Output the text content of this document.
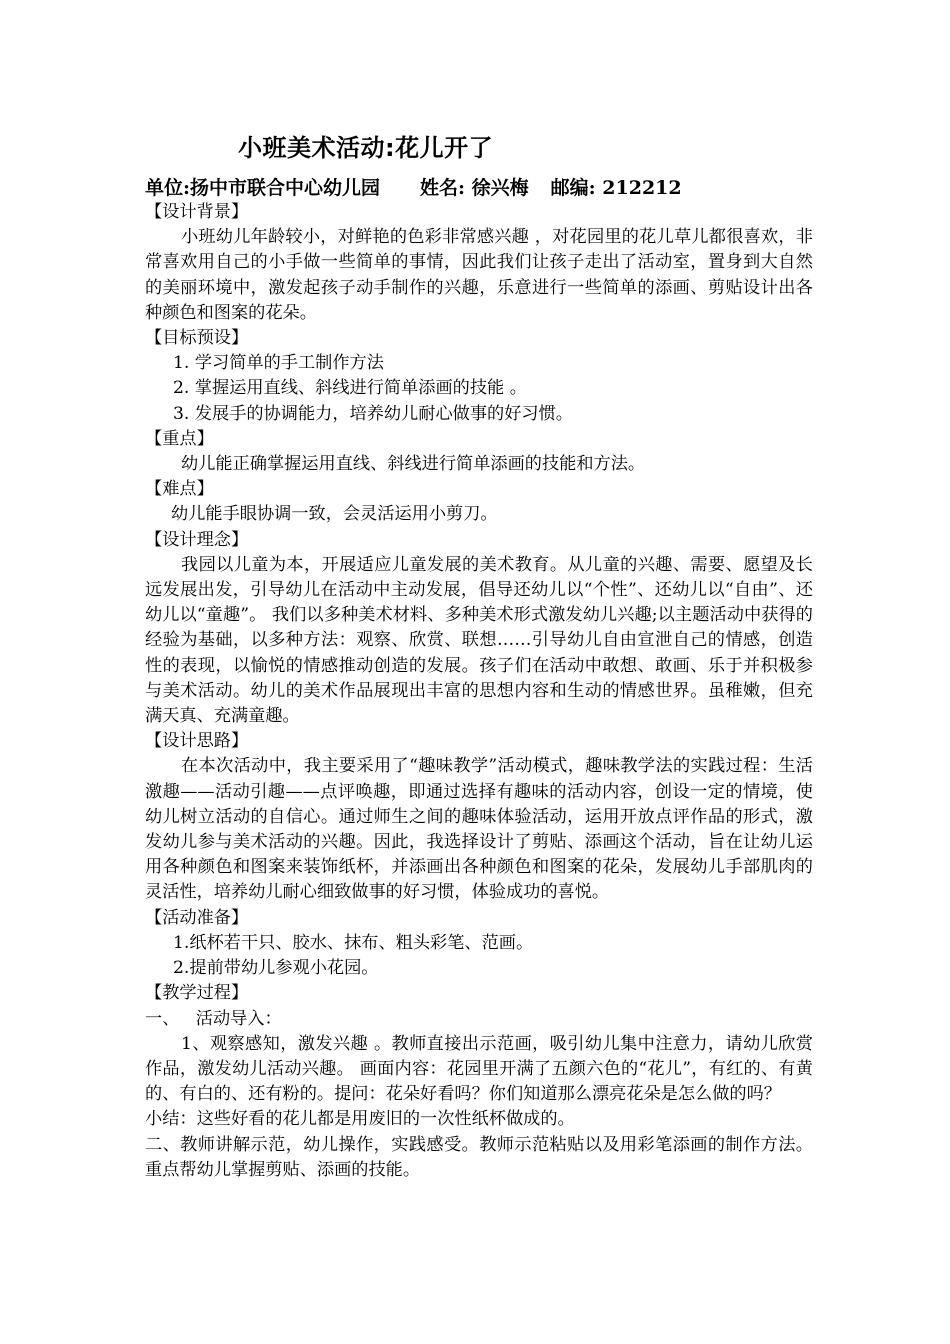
小班美术活动:花儿开了
单位:扬中市联合中心幼儿园 姓名: 徐兴梅 邮编: 212212

【设计背景】

小班幼儿年龄较小，对鲜艳的色彩非常感兴趣 ，对花园里的花儿草儿都很喜欢，非常喜欢用自己的小手做一些简单的事情，因此我们让孩子走出了活动室，置身到大自然的美丽环境中，激发起孩子动手制作的兴趣，乐意进行一些简单的添画、剪贴设计出各种颜色和图案的花朵。

【目标预设】

1. 学习简单的手工制作方法

2. 掌握运用直线、斜线进行简单添画的技能 。

3. 发展手的协调能力，培养幼儿耐心做事的好习惯。

【重点】

幼儿能正确掌握运用直线、斜线进行简单添画的技能和方法。

【难点】

幼儿能手眼协调一致，会灵活运用小剪刀。

【设计理念】

我园以儿童为本，开展适应儿童发展的美术教育。从儿童的兴趣、需要、愿望及长远发展出发，引导幼儿在活动中主动发展，倡导还幼儿以“个性”、还幼儿以“自由”、还幼儿以“童趣”。 我们以多种美术材料、多种美术形式激发幼儿兴趣;以主题活动中获得的经验为基础，以多种方法：观察、欣赏、联想……引导幼儿自由宣泄自己的情感，创造性的表现，以愉悦的情感推动创造的发展。孩子们在活动中敢想、敢画、乐于并积极参与美术活动。幼儿的美术作品展现出丰富的思想内容和生动的情感世界。虽稚嫩，但充满天真、充满童趣。

【设计思路】

在本次活动中，我主要采用了“趣味教学”活动模式，趣味教学法的实践过程：生活激趣——活动引趣——点评唤趣，即通过选择有趣味的活动内容，创设一定的情境，使幼儿树立活动的自信心。通过师生之间的趣味体验活动，运用开放点评作品的形式，激发幼儿参与美术活动的兴趣。因此，我选择设计了剪贴、添画这个活动，旨在让幼儿运用各种颜色和图案来装饰纸杯，并添画出各种颜色和图案的花朵，发展幼儿手部肌肉的灵活性，培养幼儿耐心细致做事的好习惯，体验成功的喜悦。

【活动准备】

1.纸杯若干只、胶水、抹布、粗头彩笔、范画。

2.提前带幼儿参观小花园。

【教学过程】

一、   活动导入：

1、观察感知，激发兴趣 。教师直接出示范画，吸引幼儿集中注意力，请幼儿欣赏作品，激发幼儿活动兴趣。 画面内容：花园里开满了五颜六色的“花儿”，有红的、有黄的、有白的、还有粉的。提问：花朵好看吗？你们知道那么漂亮花朵是怎么做的吗？

小结：这些好看的花儿都是用废旧的一次性纸杯做成的。

二、教师讲解示范，幼儿操作，实践感受。教师示范粘贴以及用彩笔添画的制作方法。重点帮幼儿掌握剪贴、添画的技能。
